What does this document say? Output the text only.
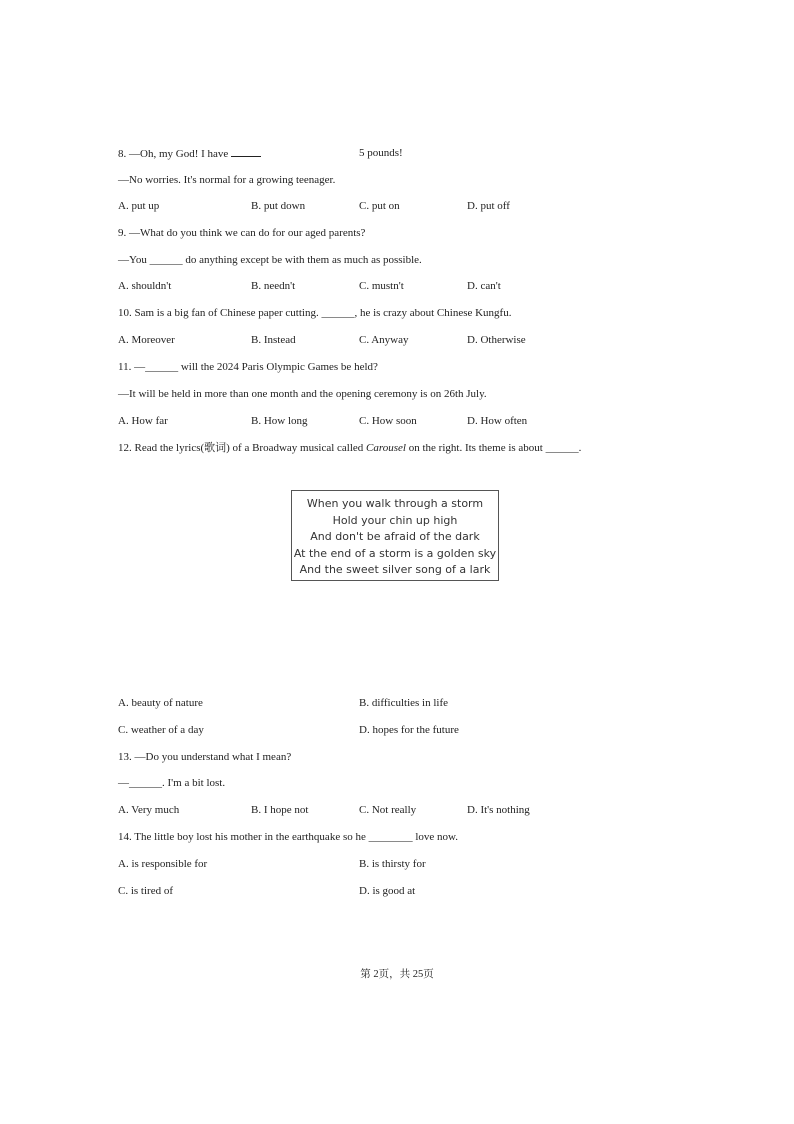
8. —Oh, my God! I have	5 pounds!
—No worries. It's normal for a growing teenager.
A. put up	B. put down	C. put on	D. put off
9. —What do you think we can do for our aged parents?
—You ______ do anything except be with them as much as possible.
A. shouldn't	B. needn't	C. mustn't	D. can't
10. Sam is a big fan of Chinese paper cutting. ______, he is crazy about Chinese Kungfu.
A. Moreover	B. Instead	C. Anyway	D. Otherwise
11. —______ will the 2024 Paris Olympic Games be held?
—It will be held in more than one month and the opening ceremony is on 26th July.
A. How far	B. How long	C. How soon	D. How often
12. Read the lyrics(歌词) of a Broadway musical called Carousel on the right. Its theme is about ______.
When you walk through a storm
Hold your chin up high
And don't be afraid of the dark
At the end of a storm is a golden sky
And the sweet silver song of a lark
A. beauty of nature	B. difficulties in life
C. weather of a day	D. hopes for the future
13. —Do you understand what I mean?
—______. I'm a bit lost.
A. Very much	B. I hope not	C. Not really	D. It's nothing
14. The little boy lost his mother in the earthquake so he ________ love now.
A. is responsible for	B. is thirsty for
C. is tired of	D. is good at
第 2页，共 25页
